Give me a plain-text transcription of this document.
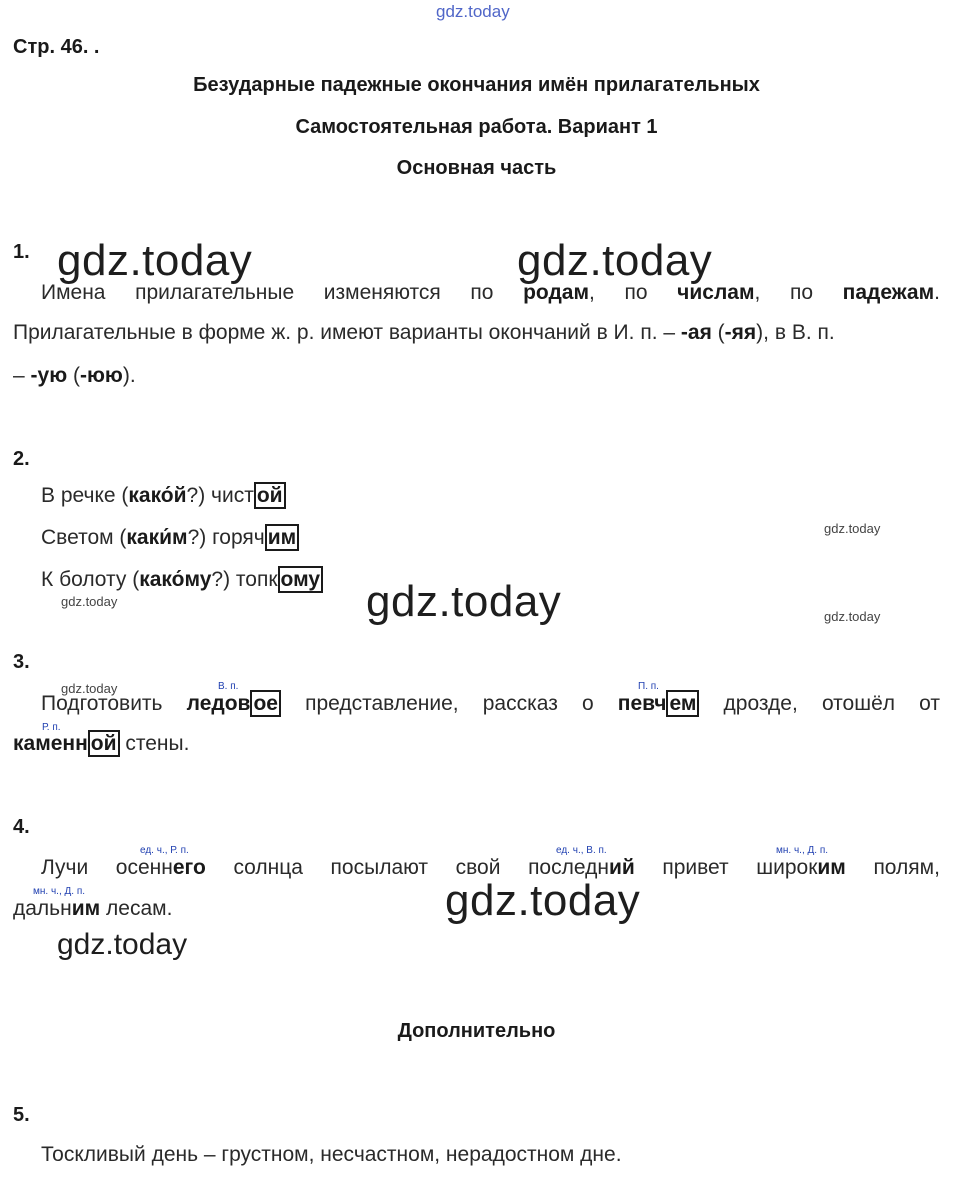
gdz.today
Стр. 46. .
Безударные падежные окончания имён прилагательных
Самостоятельная работа. Вариант 1
Основная часть
1. gdz.today	gdz.today
Имена прилагательные изменяются по родам, по числам, по падежам.
Прилагательные в форме ж. р. имеют варианты окончаний в И. п. – -ая (-яя), в В. п.
– -ую (-юю).
2.
В речке (како́й?) чист ой
Светом (каки́м?) горяч им	gdz.today
К болоту (како́му?) топк ому
gdz.today	gdz.today	gdz.today
3.
gdz.today	В. п.	П. п.
Подготовить ледов ое представление, рассказ о певч ем дрозде, отошёл от
Р. п.
каменн ой стены.
4.
ед. ч., Р. п.	ед. ч., В. п.	мн. ч., Д. п.
Лучи осеннего солнца посылают свой последний привет широким полям,
мн. ч., Д. п.
дальним лесам.	gdz.today
gdz.today
Дополнительно
5.
Тоскливый день – грустном, несчастном, нерадостном дне.
